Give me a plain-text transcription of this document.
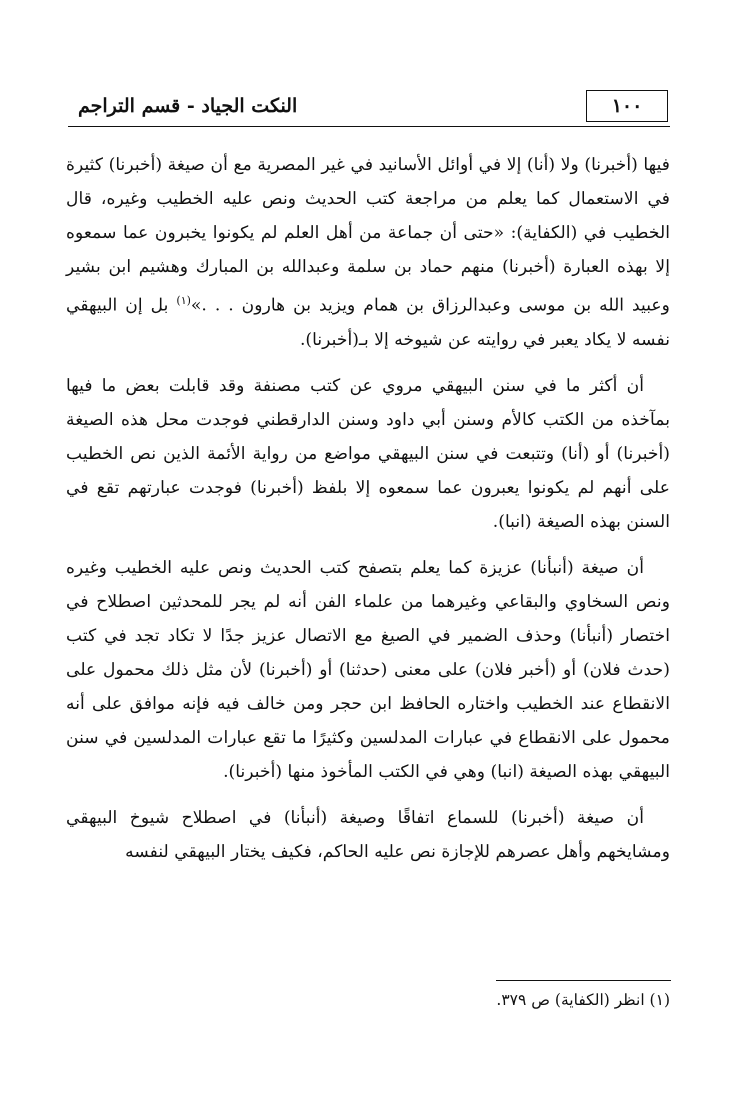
١٠٠
النكت الجياد - قسم التراجم

فيها (أخبرنا) ولا (أنا) إلا في أوائل الأسانيد في غير المصرية مع أن صيغة (أخبرنا) كثيرة في الاستعمال كما يعلم من مراجعة كتب الحديث ونص عليه الخطيب وغيره، قال الخطيب في (الكفاية): «حتى أن جماعة من أهل العلم لم يكونوا يخبرون عما سمعوه إلا بهذه العبارة (أخبرنا) منهم حماد بن سلمة وعبدالله بن المبارك وهشيم ابن بشير وعبيد الله بن موسى وعبدالرزاق بن همام ويزيد بن هارون . . .»$^{(١)}$ بل إن البيهقي نفسه لا يكاد يعبر في روايته عن شيوخه إلا بـ(أخبرنا).

أن أكثر ما في سنن البيهقي مروي عن كتب مصنفة وقد قابلت بعض ما فيها بمآخذه من الكتب كالأم وسنن أبي داود وسنن الدارقطني فوجدت محل هذه الصيغة (أخبرنا) أو (أنا) وتتبعت في سنن البيهقي مواضع من رواية الأئمة الذين نص الخطيب على أنهم لم يكونوا يعبرون عما سمعوه إلا بلفظ (أخبرنا) فوجدت عبارتهم تقع في السنن بهذه الصيغة (انبا).

أن صيغة (أنبأنا) عزيزة كما يعلم بتصفح كتب الحديث ونص عليه الخطيب وغيره ونص السخاوي والبقاعي وغيرهما من علماء الفن أنه لم يجر للمحدثين اصطلاح في اختصار (أنبأنا) وحذف الضمير في الصيغ مع الاتصال عزيز جدًا لا تكاد تجد في كتب (حدث فلان) أو (أخبر فلان) على معنى (حدثنا) أو (أخبرنا) لأن مثل ذلك محمول على الانقطاع عند الخطيب واختاره الحافظ ابن حجر ومن خالف فيه فإنه موافق على أنه محمول على الانقطاع في عبارات المدلسين وكثيرًا ما تقع عبارات المدلسين في سنن البيهقي بهذه الصيغة (انبا) وهي في الكتب المأخوذ منها (أخبرنا).

أن صيغة (أخبرنا) للسماع اتفاقًا وصيغة (أنبأنا) في اصطلاح شيوخ البيهقي ومشايخهم وأهل عصرهم للإجازة نص عليه الحاكم، فكيف يختار البيهقي لنفسه

(١) انظر (الكفاية) ص ٣٧٩.
